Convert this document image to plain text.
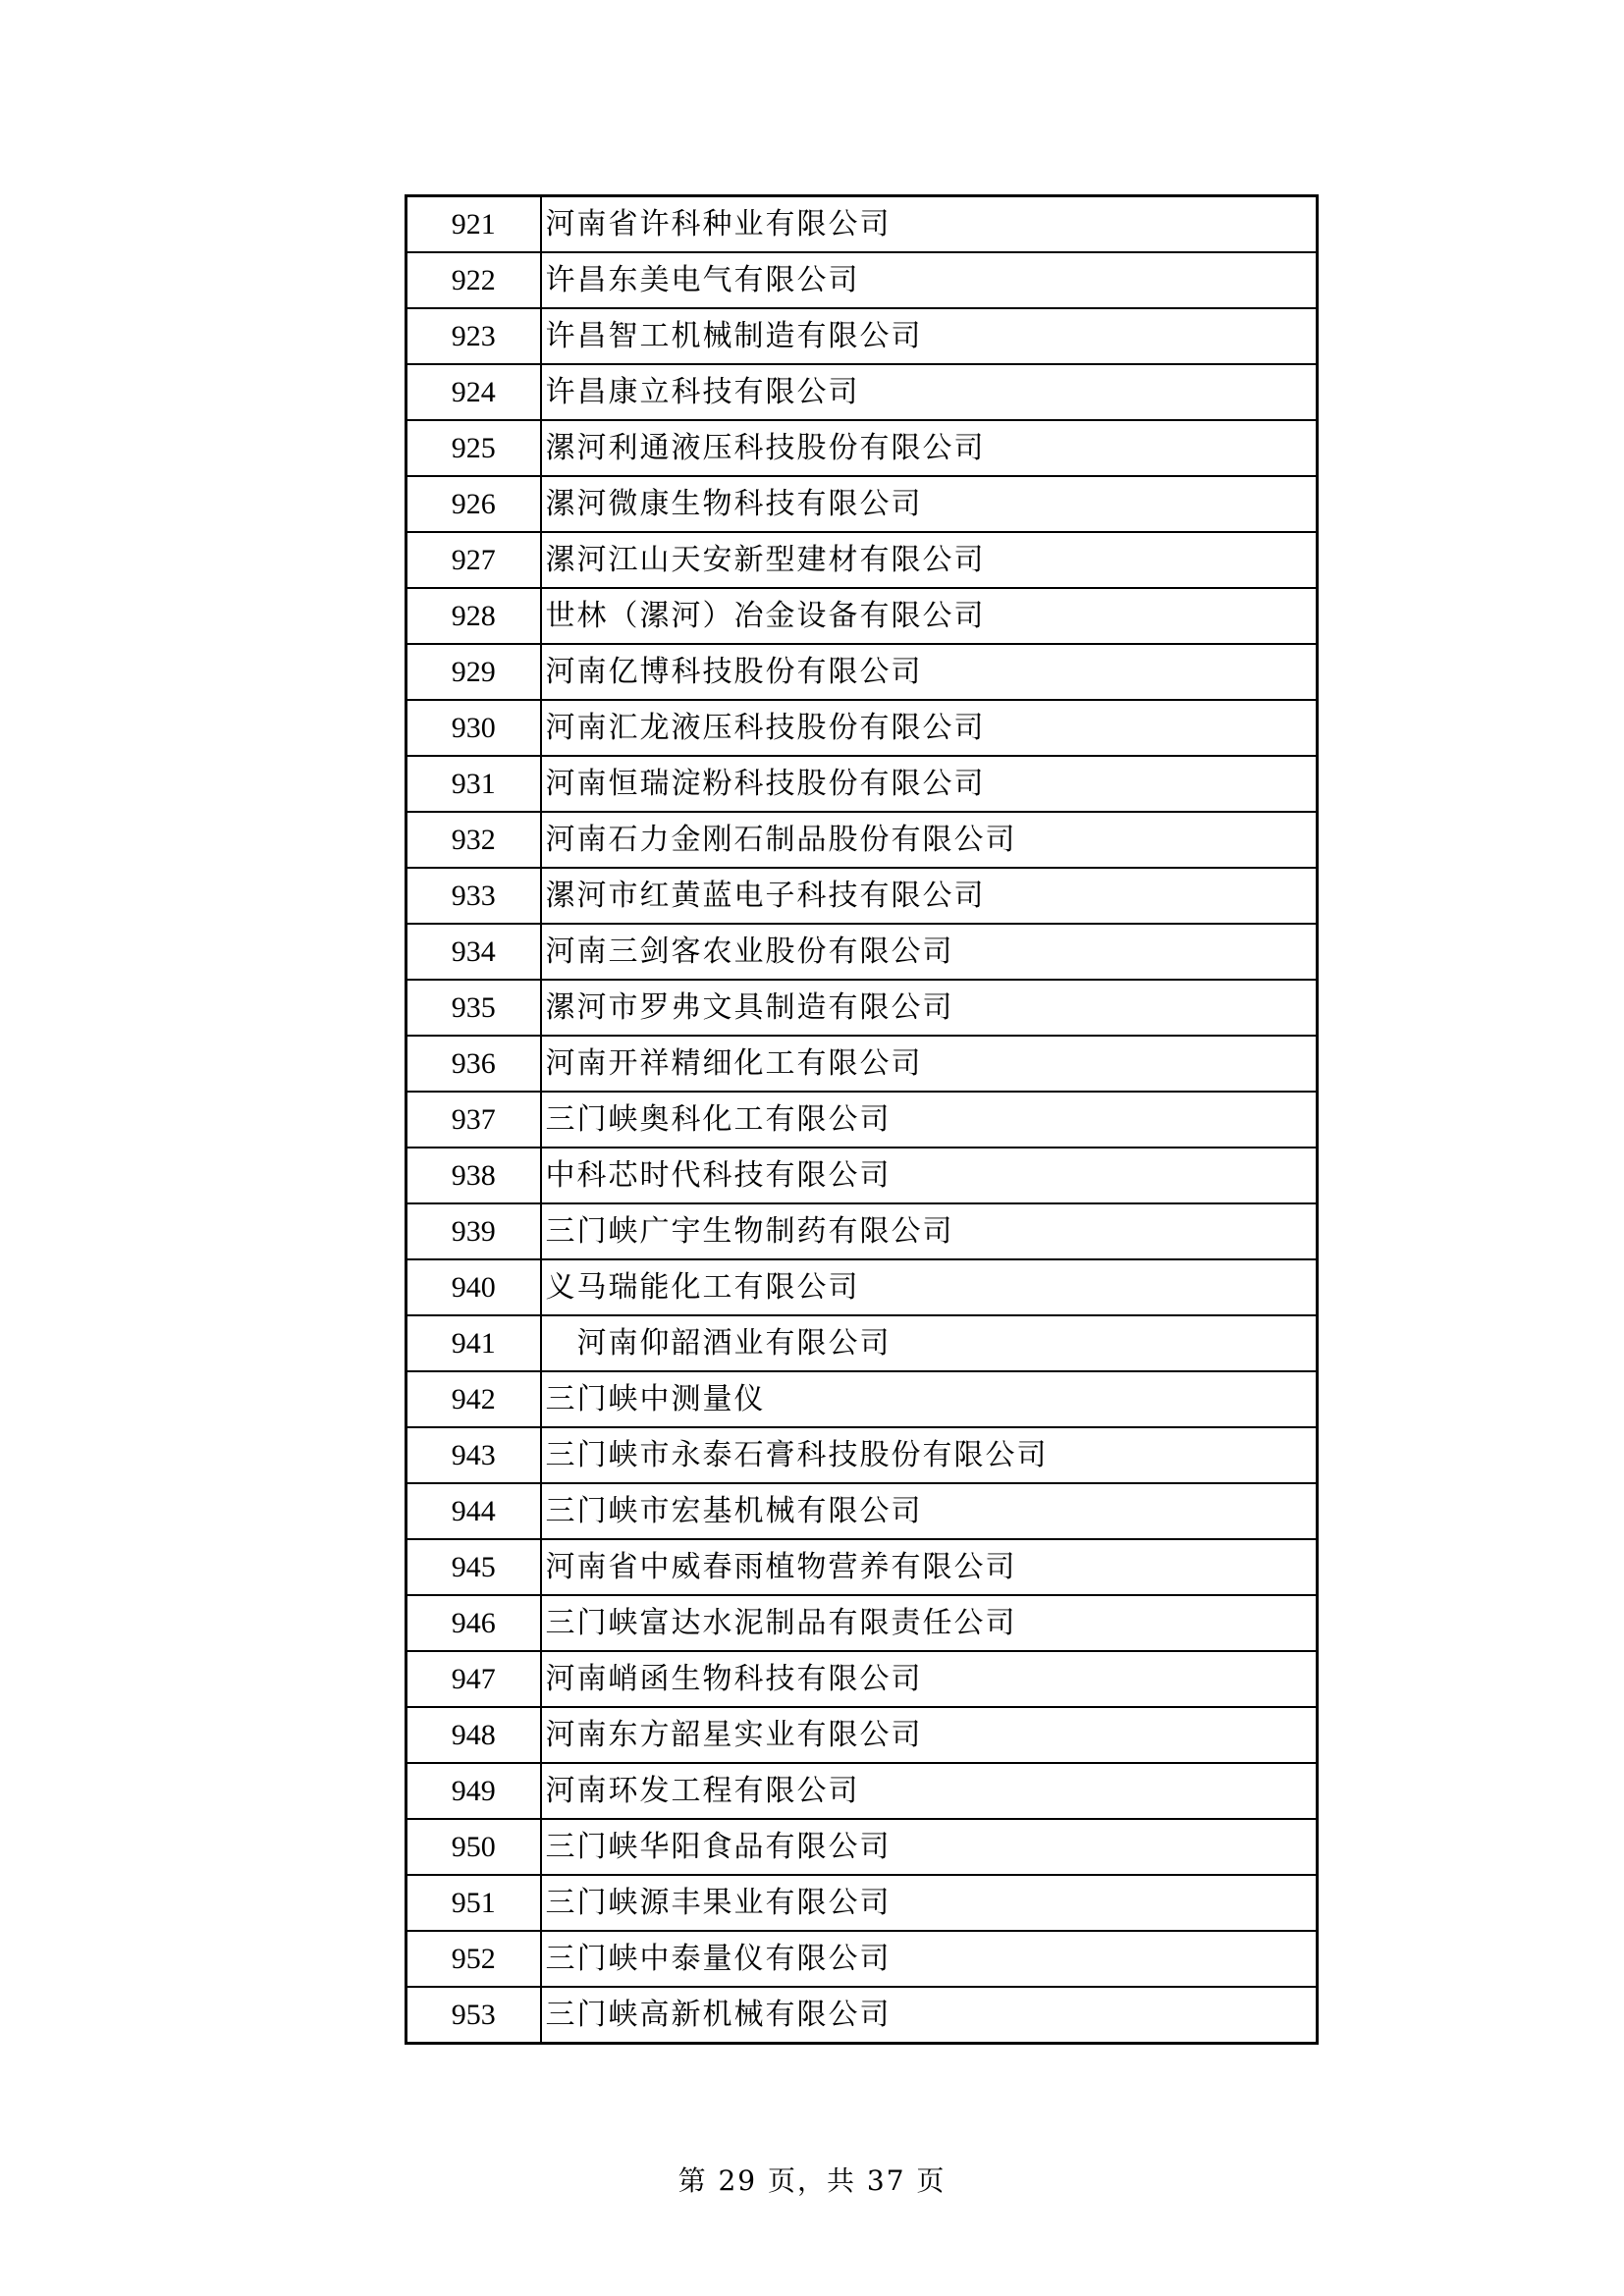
921	河南省许科种业有限公司
922	许昌东美电气有限公司
923	许昌智工机械制造有限公司
924	许昌康立科技有限公司
925	漯河利通液压科技股份有限公司
926	漯河微康生物科技有限公司
927	漯河江山天安新型建材有限公司
928	世林（漯河）冶金设备有限公司
929	河南亿博科技股份有限公司
930	河南汇龙液压科技股份有限公司
931	河南恒瑞淀粉科技股份有限公司
932	河南石力金刚石制品股份有限公司
933	漯河市红黄蓝电子科技有限公司
934	河南三剑客农业股份有限公司
935	漯河市罗弗文具制造有限公司
936	河南开祥精细化工有限公司
937	三门峡奥科化工有限公司
938	中科芯时代科技有限公司
939	三门峡广宇生物制药有限公司
940	义马瑞能化工有限公司
941	　河南仰韶酒业有限公司
942	三门峡中测量仪
943	三门峡市永泰石膏科技股份有限公司
944	三门峡市宏基机械有限公司
945	河南省中威春雨植物营养有限公司
946	三门峡富达水泥制品有限责任公司
947	河南峭函生物科技有限公司
948	河南东方韶星实业有限公司
949	河南环发工程有限公司
950	三门峡华阳食品有限公司
951	三门峡源丰果业有限公司
952	三门峡中泰量仪有限公司
953	三门峡高新机械有限公司
第 29 页，共 37 页
